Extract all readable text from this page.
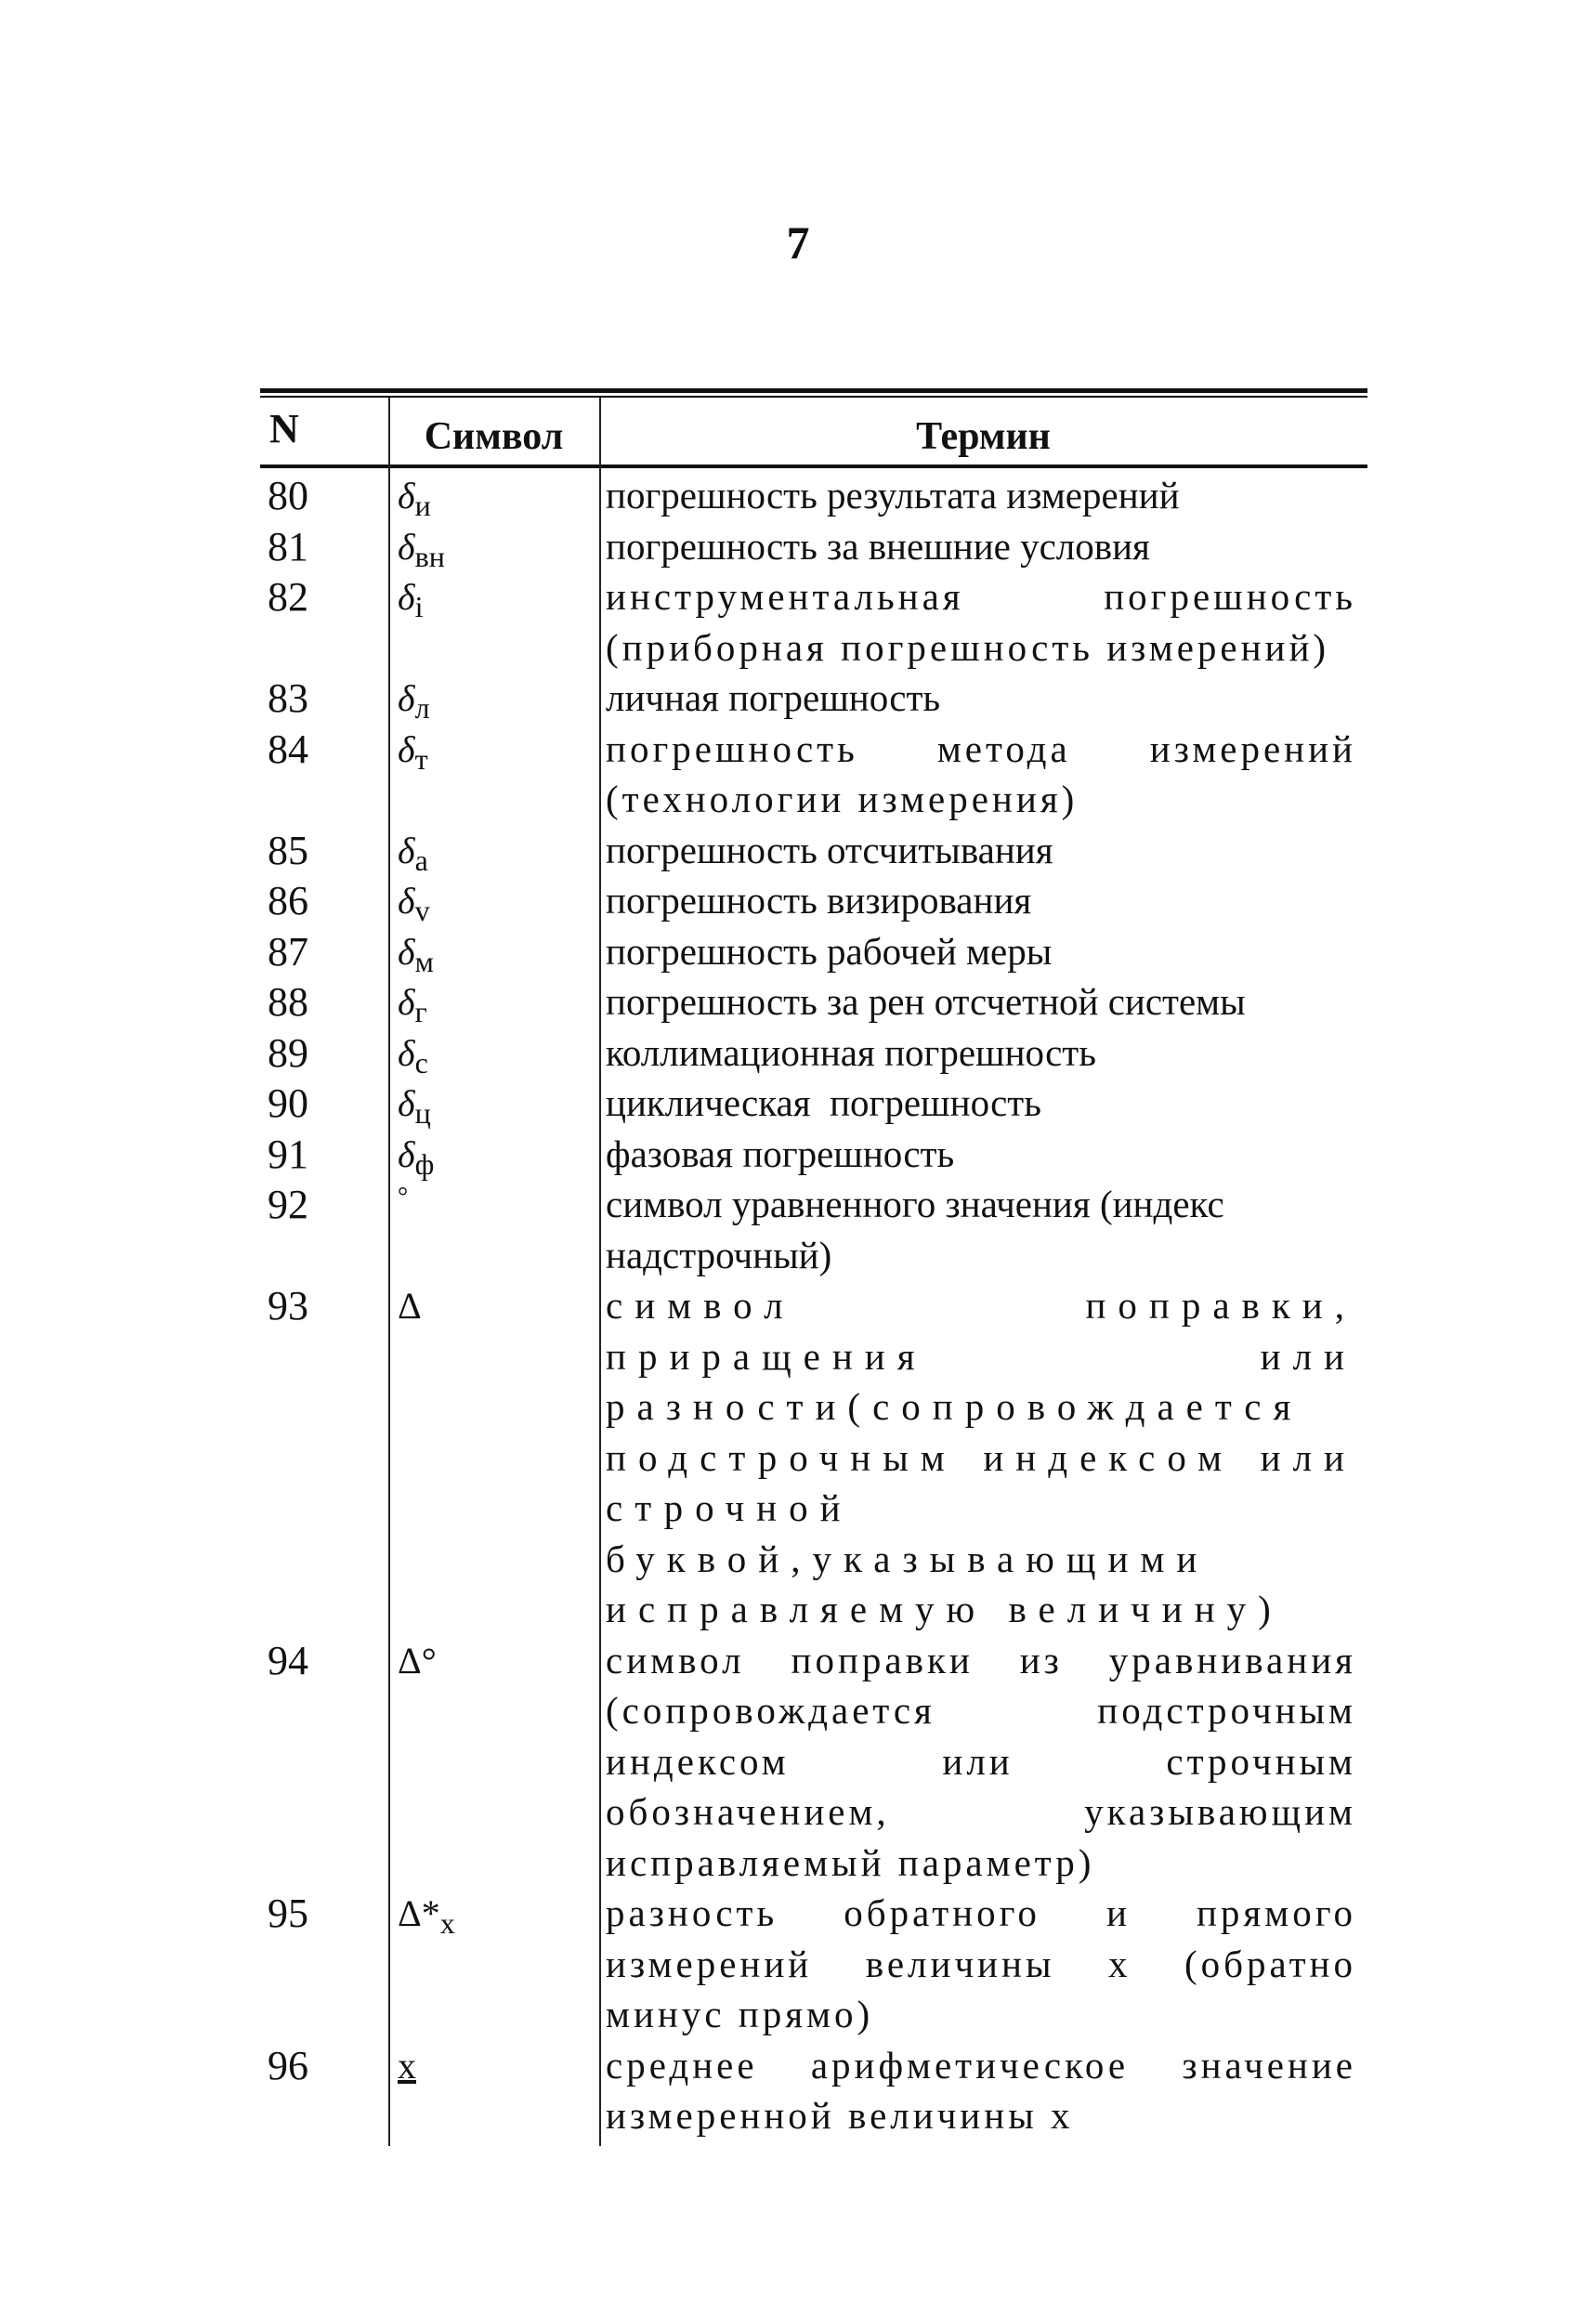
7
N	Символ	Термин
80 $\delta_и$	погрешность результата измерений
81 $\delta_{вн}$	погрешность за внешние условия
82 $\delta_i$	инструментальная погрешность (приборная погрешность измерений)
83 $\delta_л$	личная погрешность
84 $\delta_т$	погрешность метода измерений (технологии измерения)
85 $\delta_а$	погрешность отсчитывания
86 $\delta_v$	погрешность визирования
87 $\delta_м$	погрешность рабочей меры
88 $\delta_г$	погрешность за рен отсчетной системы
89 $\delta_с$	коллимационная погрешность
90 $\delta_ц$	циклическая  погрешность
91 $\delta_ф$	фазовая погрешность
92	°	символ уравненного значения (индекс надстрочный)
93 Δ	символ поправки, приращения или разности(сопровождается подстрочным индексом или строчной буквой,указывающими исправляемую величину)
94 Δ°	символ поправки из уравнивания (сопровождается подстрочным индексом или строчным обозначением, указывающим исправляемый параметр)
95 $\Delta*_x$	разность обратного и прямого измерений величины x (обратно минус прямо)
96 x	среднее арифметическое значение измеренной величины x
